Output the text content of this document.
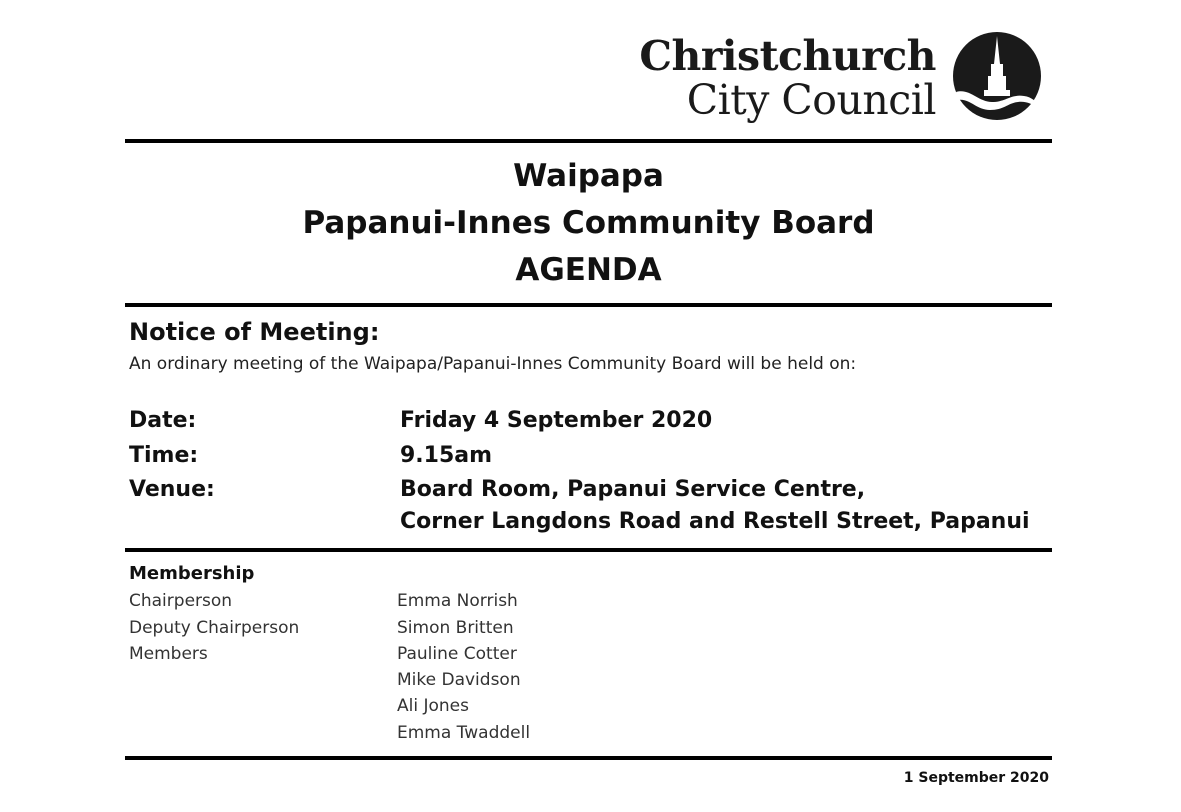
Christchurch
City Council
Waipapa
Papanui-Innes Community Board
AGENDA
Notice of Meeting:
An ordinary meeting of the Waipapa/Papanui-Innes Community Board will be held on:
Date:	Friday 4 September 2020
Time:	9.15am
Venue:	Board Room, Papanui Service Centre,
Corner Langdons Road and Restell Street, Papanui
Membership
Chairperson	Emma Norrish
Deputy Chairperson	Simon Britten
Members	Pauline Cotter
Mike Davidson
Ali Jones
Emma Twaddell
1 September 2020
